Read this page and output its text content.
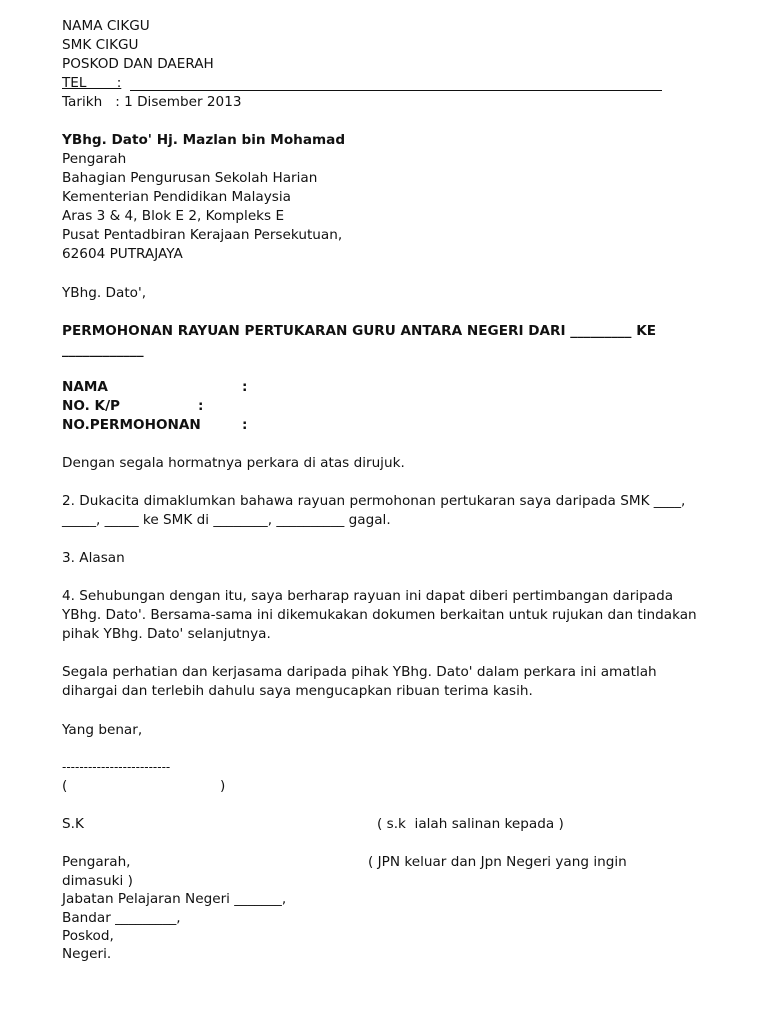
NAMA CIKGU
SMK CIKGU
POSKOD DAN DAERAH
TEL       :
Tarikh   : 1 Disember 2013
YBhg. Dato' Hj. Mazlan bin Mohamad
Pengarah
Bahagian Pengurusan Sekolah Harian
Kementerian Pendidikan Malaysia
Aras 3 & 4, Blok E 2, Kompleks E
Pusat Pentadbiran Kerajaan Persekutuan,
62604 PUTRAJAYA
YBhg. Dato',
PERMOHONAN RAYUAN PERTUKARAN GURU ANTARA NEGERI DARI _________ KE
____________
NAMA	:
NO. K/P	:
NO.PERMOHONAN	:
Dengan segala hormatnya perkara di atas dirujuk.
2. Dukacita dimaklumkan bahawa rayuan permohonan pertukaran saya daripada SMK ____,
_____, _____ ke SMK di ________, __________ gagal.
3. Alasan
4. Sehubungan dengan itu, saya berharap rayuan ini dapat diberi pertimbangan daripada
YBhg. Dato'. Bersama-sama ini dikemukakan dokumen berkaitan untuk rujukan dan tindakan
pihak YBhg. Dato' selanjutnya.
Segala perhatian dan kerjasama daripada pihak YBhg. Dato' dalam perkara ini amatlah
dihargai dan terlebih dahulu saya mengucapkan ribuan terima kasih.
Yang benar,
-------------------------
(	)
S.K	( s.k  ialah salinan kepada )
Pengarah,	( JPN keluar dan Jpn Negeri yang ingin
dimasuki )
Jabatan Pelajaran Negeri _______,
Bandar _________,
Poskod,
Negeri.
